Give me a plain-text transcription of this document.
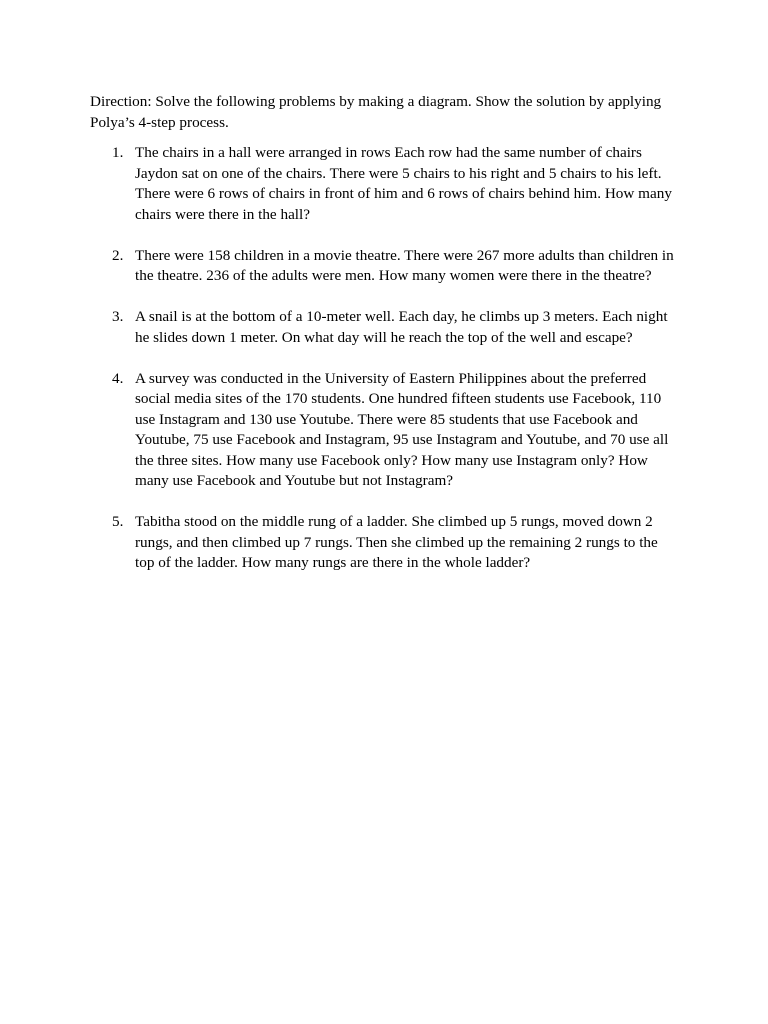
Direction: Solve the following problems by making a diagram. Show the solution by applying Polya’s 4-step process.

1. The chairs in a hall were arranged in rows Each row had the same number of chairs Jaydon sat on one of the chairs. There were 5 chairs to his right and 5 chairs to his left. There were 6 rows of chairs in front of him and 6 rows of chairs behind him. How many chairs were there in the hall?
2. There were 158 children in a movie theatre. There were 267 more adults than children in the theatre. 236 of the adults were men. How many women were there in the theatre?
3. A snail is at the bottom of a 10-meter well. Each day, he climbs up 3 meters. Each night he slides down 1 meter. On what day will he reach the top of the well and escape?
4. A survey was conducted in the University of Eastern Philippines about the preferred social media sites of the 170 students. One hundred fifteen students use Facebook, 110 use Instagram and 130 use Youtube. There were 85 students that use Facebook and Youtube, 75 use Facebook and Instagram, 95 use Instagram and Youtube, and 70 use all the three sites. How many use Facebook only? How many use Instagram only? How many use Facebook and Youtube but not Instagram?
5. Tabitha stood on the middle rung of a ladder. She climbed up 5 rungs, moved down 2 rungs, and then climbed up 7 rungs. Then she climbed up the remaining 2 rungs to the top of the ladder. How many rungs are there in the whole ladder?
